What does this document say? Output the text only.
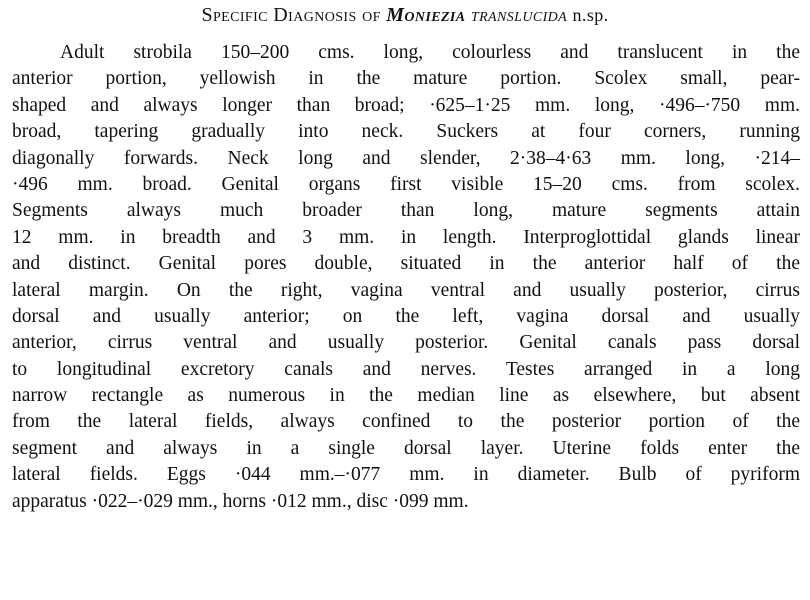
Specific Diagnosis of Moniezia translucida n.sp.
Adult strobila 150–200 cms. long, colourless and translucent in the
anterior portion, yellowish in the mature portion. Scolex small, pear-
shaped and always longer than broad; ·625–1·25 mm. long, ·496–·750 mm.
broad, tapering gradually into neck. Suckers at four corners, running
diagonally forwards. Neck long and slender, 2·38–4·63 mm. long, ·214–
·496 mm. broad. Genital organs first visible 15–20 cms. from scolex.
Segments always much broader than long, mature segments attain
12 mm. in breadth and 3 mm. in length. Interproglottidal glands linear
and distinct. Genital pores double, situated in the anterior half of the
lateral margin. On the right, vagina ventral and usually posterior, cirrus
dorsal and usually anterior; on the left, vagina dorsal and usually
anterior, cirrus ventral and usually posterior. Genital canals pass dorsal
to longitudinal excretory canals and nerves. Testes arranged in a long
narrow rectangle as numerous in the median line as elsewhere, but absent
from the lateral fields, always confined to the posterior portion of the
segment and always in a single dorsal layer. Uterine folds enter the
lateral fields. Eggs ·044 mm.–·077 mm. in diameter. Bulb of pyriform
apparatus ·022–·029 mm., horns ·012 mm., disc ·099 mm.
